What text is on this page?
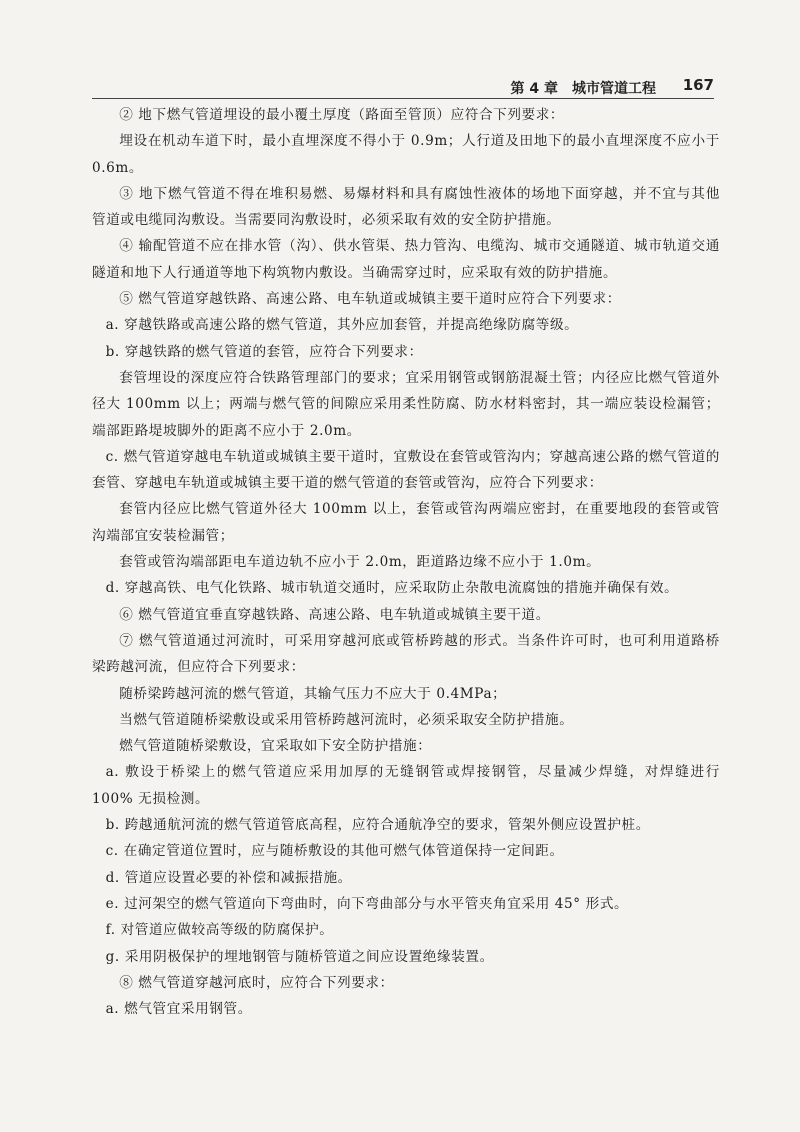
第 4 章　城市管道工程 167

② 地下燃气管道埋设的最小覆土厚度（路面至管顶）应符合下列要求：

埋设在机动车道下时，最小直埋深度不得小于 0.9m；人行道及田地下的最小直埋深度不应小于 0.6m。

③ 地下燃气管道不得在堆积易燃、易爆材料和具有腐蚀性液体的场地下面穿越，并不宜与其他管道或电缆同沟敷设。当需要同沟敷设时，必须采取有效的安全防护措施。

④ 输配管道不应在排水管（沟）、供水管渠、热力管沟、电缆沟、城市交通隧道、城市轨道交通隧道和地下人行通道等地下构筑物内敷设。当确需穿过时，应采取有效的防护措施。

⑤ 燃气管道穿越铁路、高速公路、电车轨道或城镇主要干道时应符合下列要求：

a. 穿越铁路或高速公路的燃气管道，其外应加套管，并提高绝缘防腐等级。

b. 穿越铁路的燃气管道的套管，应符合下列要求：

套管埋设的深度应符合铁路管理部门的要求；宜采用钢管或钢筋混凝土管；内径应比燃气管道外径大 100mm 以上；两端与燃气管的间隙应采用柔性防腐、防水材料密封，其一端应装设检漏管；端部距路堤坡脚外的距离不应小于 2.0m。

c. 燃气管道穿越电车轨道或城镇主要干道时，宜敷设在套管或管沟内；穿越高速公路的燃气管道的套管、穿越电车轨道或城镇主要干道的燃气管道的套管或管沟，应符合下列要求：

套管内径应比燃气管道外径大 100mm 以上，套管或管沟两端应密封，在重要地段的套管或管沟端部宜安装检漏管；

套管或管沟端部距电车道边轨不应小于 2.0m，距道路边缘不应小于 1.0m。

d. 穿越高铁、电气化铁路、城市轨道交通时，应采取防止杂散电流腐蚀的措施并确保有效。

⑥ 燃气管道宜垂直穿越铁路、高速公路、电车轨道或城镇主要干道。

⑦ 燃气管道通过河流时，可采用穿越河底或管桥跨越的形式。当条件许可时，也可利用道路桥梁跨越河流，但应符合下列要求：

随桥梁跨越河流的燃气管道，其输气压力不应大于 0.4MPa；

当燃气管道随桥梁敷设或采用管桥跨越河流时，必须采取安全防护措施。

燃气管道随桥梁敷设，宜采取如下安全防护措施：

a. 敷设于桥梁上的燃气管道应采用加厚的无缝钢管或焊接钢管，尽量减少焊缝，对焊缝进行 100% 无损检测。

b. 跨越通航河流的燃气管道管底高程，应符合通航净空的要求，管架外侧应设置护桩。

c. 在确定管道位置时，应与随桥敷设的其他可燃气体管道保持一定间距。

d. 管道应设置必要的补偿和减振措施。

e. 过河架空的燃气管道向下弯曲时，向下弯曲部分与水平管夹角宜采用 45° 形式。

f. 对管道应做较高等级的防腐保护。

g. 采用阴极保护的埋地钢管与随桥管道之间应设置绝缘装置。

⑧ 燃气管道穿越河底时，应符合下列要求：

a. 燃气管宜采用钢管。
